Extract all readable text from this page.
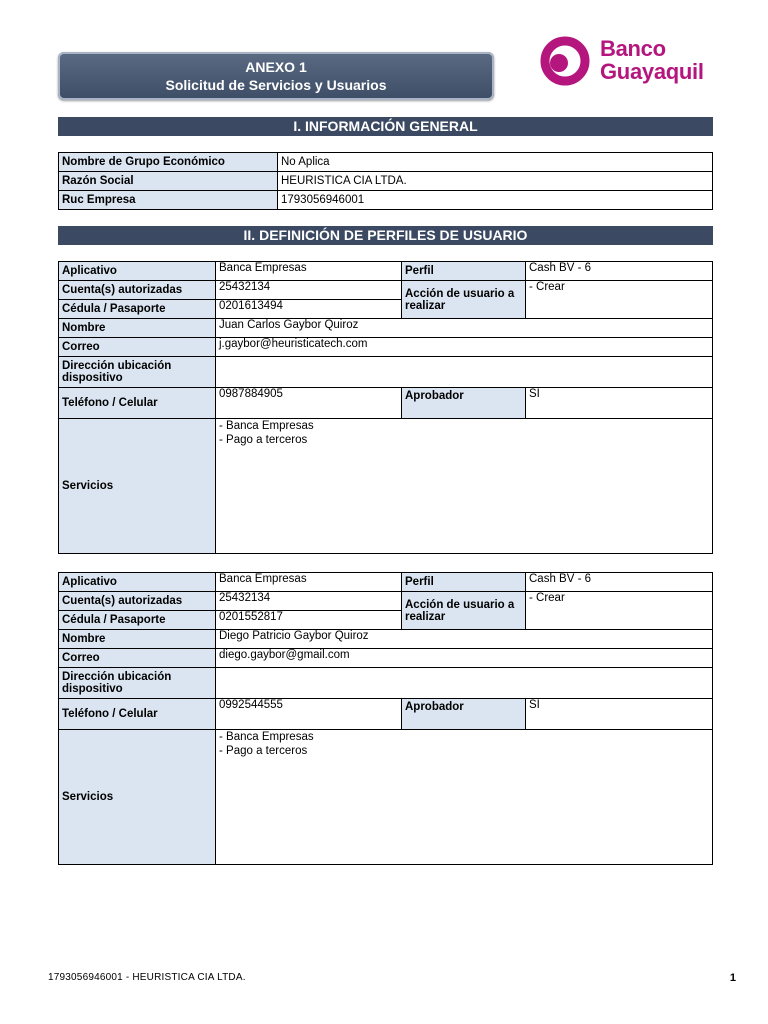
ANEXO 1
Solicitud de Servicios y Usuarios
Banco
Guayaquil
I. INFORMACIÓN GENERAL
Nombre de Grupo Económico	No Aplica
Razón Social	HEURISTICA CIA LTDA.
Ruc Empresa	1793056946001
II. DEFINICIÓN DE PERFILES DE USUARIO
Aplicativo	Banca Empresas	Perfil	Cash BV - 6
Cuenta(s) autorizadas	25432134	Acción de usuario a realizar	- Crear
Cédula / Pasaporte	0201613494		
Nombre	Juan Carlos Gaybor Quiroz		
Correo	j.gaybor@heuristicatech.com		
Dirección ubicación dispositivo			
Teléfono / Celular	0987884905	Aprobador	SI
Servicios	- Banca Empresas
- Pago a terceros		
Aplicativo	Banca Empresas	Perfil	Cash BV - 6
Cuenta(s) autorizadas	25432134	Acción de usuario a realizar	- Crear
Cédula / Pasaporte	0201552817		
Nombre	Diego Patricio Gaybor Quiroz		
Correo	diego.gaybor@gmail.com		
Dirección ubicación dispositivo			
Teléfono / Celular	0992544555	Aprobador	SI
Servicios	- Banca Empresas
- Pago a terceros		
1793056946001 - HEURISTICA CIA LTDA.	1
